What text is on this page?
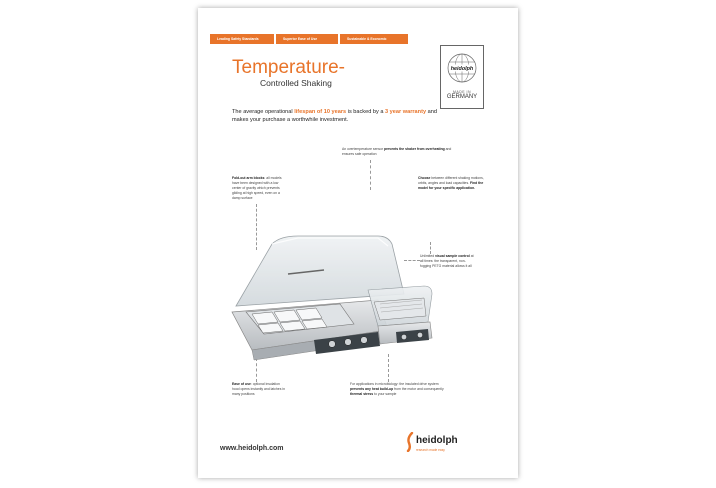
Leading Safety Standards	Superior Ease of Use	Sustainable & Economic
Temperature-
Controlled Shaking
heidolph
MADE IN
GERMANY
The average operational lifespan of 10 years is backed by a 3 year warranty and makes your purchase a worthwhile investment.
An overtemperature sensor prevents the shaker from overheating and ensures safe operation
Fold-out arm blocks: all models have been designed with a low center of gravity which prevents gliding at high speed, even on a damp surface
Choose between different shaking motions, orbits, angles and load capacities. Find the model for your specific application.
Unlimited visual sample control at all times: the transparent, non-fogging PETG material allows it all
Ease of use: optional insulation hood opens instantly and latches in many positions
For applications in microbiology: the insulated drive system prevents any heat build-up from the motor and consequently thermal stress to your sample
www.heidolph.com
heidolph
research made easy
